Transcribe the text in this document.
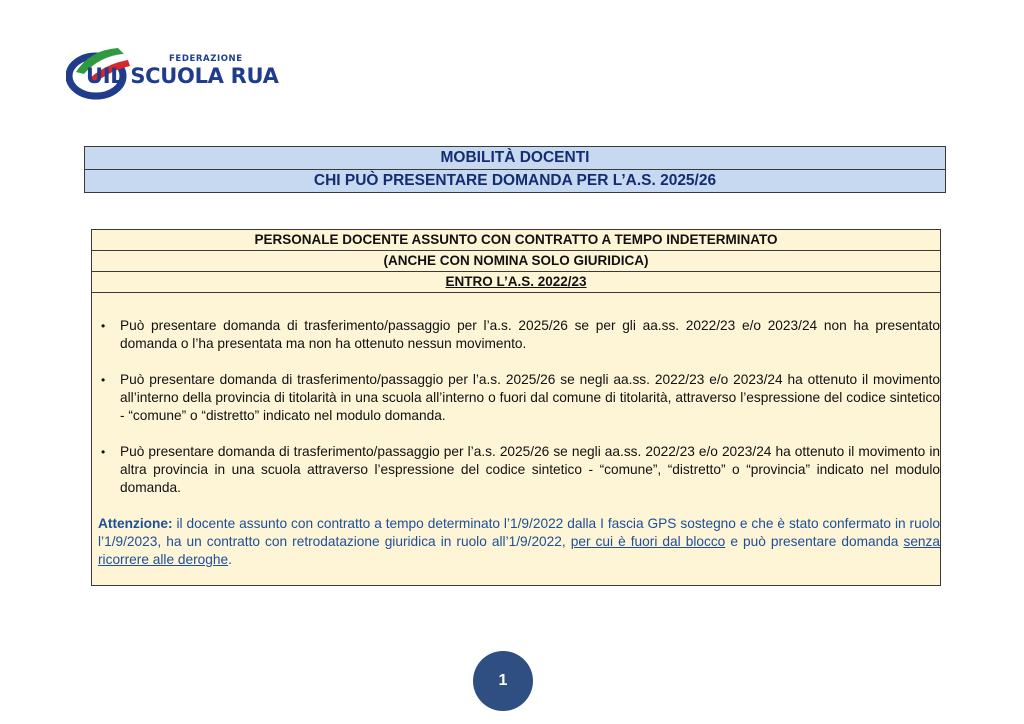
FEDERAZIONE
UIL SCUOLA RUA
MOBILITÀ DOCENTI
CHI PUÒ PRESENTARE DOMANDA PER L’A.S. 2025/26
PERSONALE DOCENTE ASSUNTO CON CONTRATTO A TEMPO INDETERMINATO
(ANCHE CON NOMINA SOLO GIURIDICA)
ENTRO L’A.S. 2022/23
• Può presentare domanda di trasferimento/passaggio per l’a.s. 2025/26 se per gli aa.ss. 2022/23 e/o 2023/24 non ha presentato domanda o l’ha presentata ma non ha ottenuto nessun movimento.
• Può presentare domanda di trasferimento/passaggio per l’a.s. 2025/26 se negli aa.ss. 2022/23 e/o 2023/24 ha ottenuto il movimento all’interno della provincia di titolarità in una scuola all’interno o fuori dal comune di titolarità, attraverso l’espressione del codice sintetico - “comune” o “distretto” indicato nel modulo domanda.
• Può presentare domanda di trasferimento/passaggio per l’a.s. 2025/26 se negli aa.ss. 2022/23 e/o 2023/24 ha ottenuto il movimento in altra provincia in una scuola attraverso l’espressione del codice sintetico - “comune”, “distretto” o “provincia” indicato nel modulo domanda.
Attenzione: il docente assunto con contratto a tempo determinato l’1/9/2022 dalla I fascia GPS sostegno e che è stato confermato in ruolo l’1/9/2023, ha un contratto con retrodatazione giuridica in ruolo all’1/9/2022, per cui è fuori dal blocco e può presentare domanda senza ricorrere alle deroghe.
1
